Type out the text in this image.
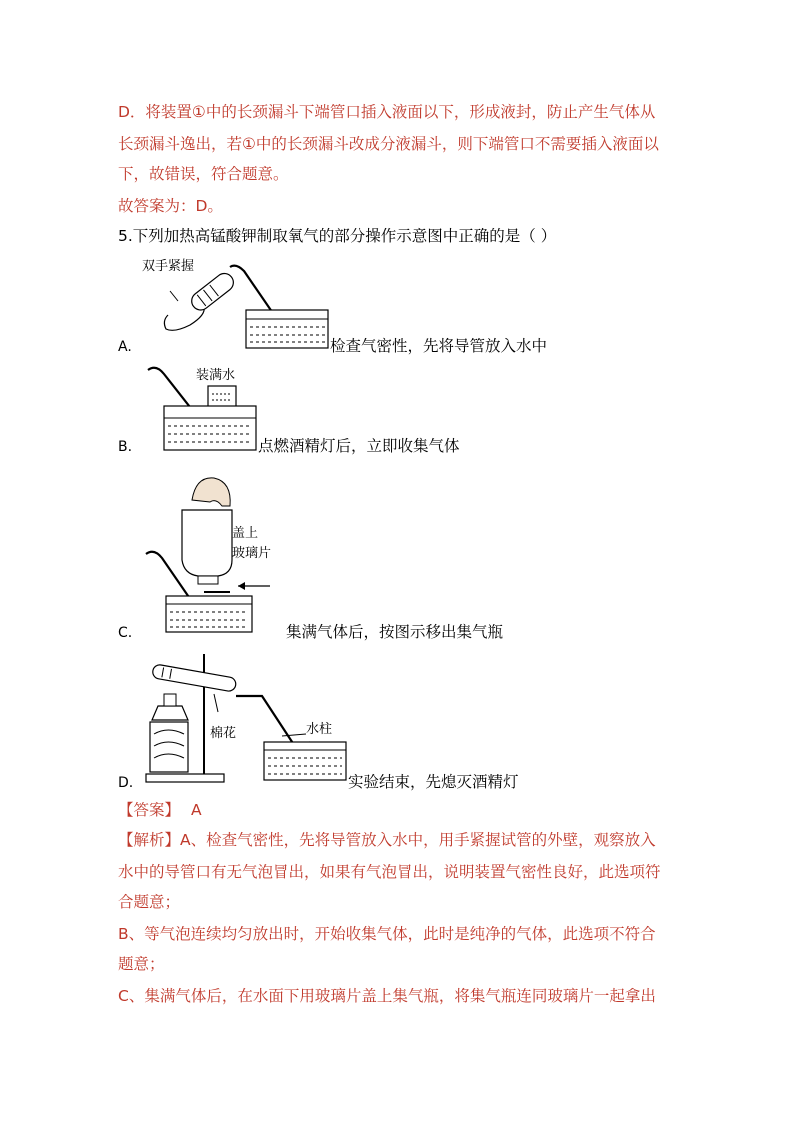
D．将装置①中的长颈漏斗下端管口插入液面以下，形成液封，防止产生气体从
长颈漏斗逸出，若①中的长颈漏斗改成分液漏斗，则下端管口不需要插入液面以
下，故错误，符合题意。
故答案为：D。
5.下列加热高锰酸钾制取氧气的部分操作示意图中正确的是（ ）
A.
双手紧握
检查气密性，先将导管放入水中
B.
装满水
点燃酒精灯后，立即收集气体
C.
盖上
玻璃片
集满气体后，按图示移出集气瓶
D.
棉花	水柱
实验结束，先熄灭酒精灯
【答案】 A
【解析】A、检查气密性，先将导管放入水中，用手紧握试管的外壁，观察放入
水中的导管口有无气泡冒出，如果有气泡冒出，说明装置气密性良好，此选项符
合题意；
B、等气泡连续均匀放出时，开始收集气体，此时是纯净的气体，此选项不符合
题意；
C、集满气体后，在水面下用玻璃片盖上集气瓶，将集气瓶连同玻璃片一起拿出
